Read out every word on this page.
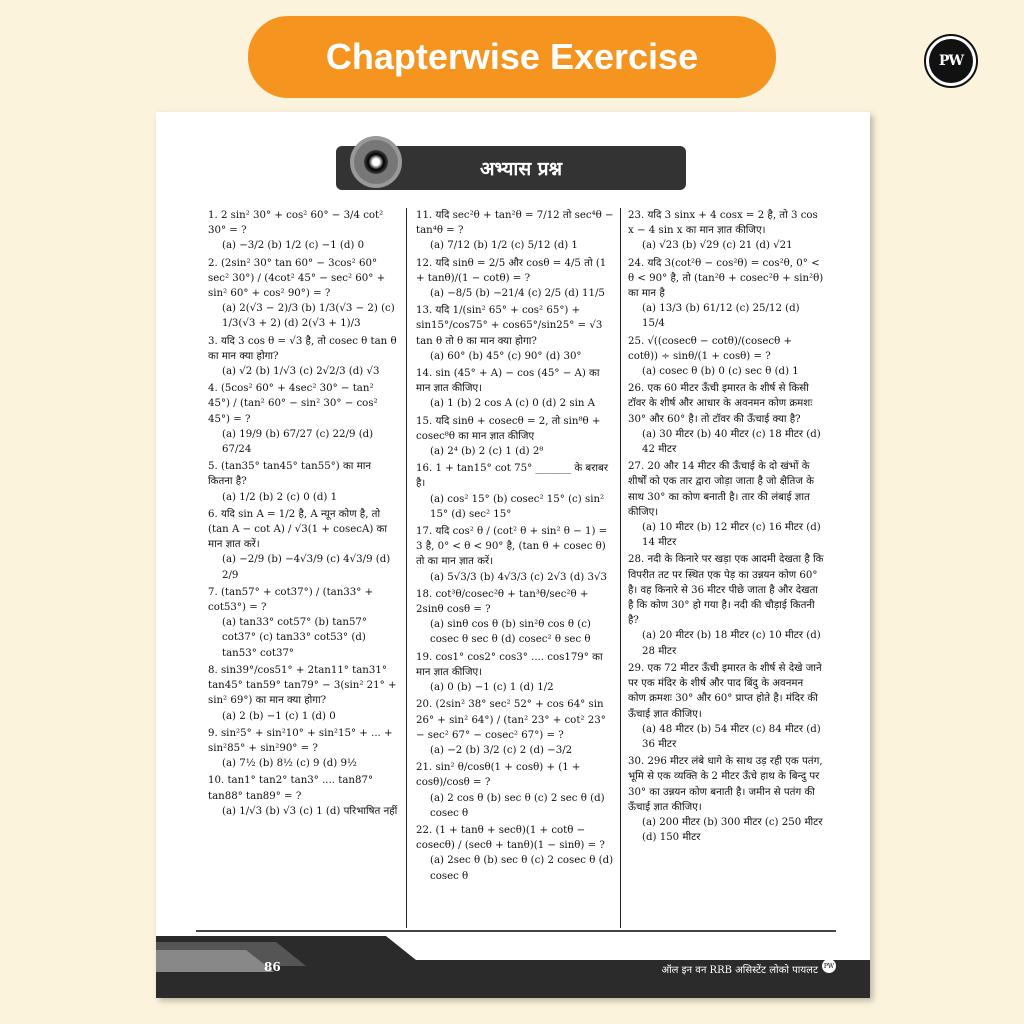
Chapterwise Exercise	PW
अभ्यास प्रश्न
1. 2 sin² 30° + cos² 60° − 3/4 cot² 30° = ?
(a) −3/2 (b) 1/2 (c) −1 (d) 0
2. (2sin² 30° tan 60° − 3cos² 60° sec² 30°) / (4cot² 45° − sec² 60° + sin² 60° + cos² 90°) = ?
(a) 2(√3 − 2)/3 (b) 1/3(√3 − 2) (c) 1/3(√3 + 2) (d) 2(√3 + 1)/3
3. यदि 3 cos θ = √3 है, तो cosec θ tan θ का मान क्या होगा?
(a) √2 (b) 1/√3 (c) 2√2/3 (d) √3
4. (5cos² 60° + 4sec² 30° − tan² 45°) / (tan² 60° − sin² 30° − cos² 45°) = ?
(a) 19/9 (b) 67/27 (c) 22/9 (d) 67/24
5. (tan35° tan45° tan55°) का मान कितना है?
(a) 1/2 (b) 2 (c) 0 (d) 1
6. यदि sin A = 1/2 है, A न्यून कोण है, तो (tan A − cot A) / √3(1 + cosecA) का मान ज्ञात करें।
(a) −2/9 (b) −4√3/9 (c) 4√3/9 (d) 2/9
7. (tan57° + cot37°) / (tan33° + cot53°) = ?
(a) tan33° cot57° (b) tan57° cot37° (c) tan33° cot53° (d) tan53° cot37°
8. sin39°/cos51° + 2tan11° tan31° tan45° tan59° tan79° − 3(sin² 21° + sin² 69°) का मान क्या होगा?
(a) 2 (b) −1 (c) 1 (d) 0
9. sin²5° + sin²10° + sin²15° + ... + sin²85° + sin²90° = ?
(a) 7½ (b) 8½ (c) 9 (d) 9½
10. tan1° tan2° tan3° .... tan87° tan88° tan89° = ?
(a) 1/√3 (b) √3 (c) 1 (d) परिभाषित नहीं
11. यदि sec²θ + tan²θ = 7/12 तो sec⁴θ − tan⁴θ = ?
(a) 7/12 (b) 1/2 (c) 5/12 (d) 1
12. यदि sinθ = 2/5 और cosθ = 4/5 तो (1 + tanθ)/(1 − cotθ) = ?
(a) −8/5 (b) −21/4 (c) 2/5 (d) 11/5
13. यदि 1/(sin² 65° + cos² 65°) + sin15°/cos75° + cos65°/sin25° = √3 tan θ तो θ का मान क्या होगा?
(a) 60° (b) 45° (c) 90° (d) 30°
14. sin (45° + A) − cos (45° − A) का मान ज्ञात कीजिए।
(a) 1 (b) 2 cos A (c) 0 (d) 2 sin A
15. यदि sinθ + cosecθ = 2, तो sin⁸θ + cosec⁸θ का मान ज्ञात कीजिए
(a) 2⁴ (b) 2 (c) 1 (d) 2⁸
16. 1 + tan15° cot 75° _______ के बराबर है।
(a) cos² 15° (b) cosec² 15° (c) sin² 15° (d) sec² 15°
17. यदि cos² θ / (cot² θ + sin² θ − 1) = 3 है, 0° < θ < 90° है, (tan θ + cosec θ) तो का मान ज्ञात करें।
(a) 5√3/3 (b) 4√3/3 (c) 2√3 (d) 3√3
18. cot³θ/cosec²θ + tan³θ/sec²θ + 2sinθ cosθ = ?
(a) sinθ cos θ (b) sin²θ cos θ (c) cosec θ sec θ (d) cosec² θ sec θ
19. cos1° cos2° cos3° .... cos179° का मान ज्ञात कीजिए।
(a) 0 (b) −1 (c) 1 (d) 1/2
20. (2sin² 38° sec² 52° + cos 64° sin 26° + sin² 64°) / (tan² 23° + cot² 23° − sec² 67° − cosec² 67°) = ?
(a) −2 (b) 3/2 (c) 2 (d) −3/2
21. sin² θ/cosθ(1 + cosθ) + (1 + cosθ)/cosθ = ?
(a) 2 cos θ (b) sec θ (c) 2 sec θ (d) cosec θ
22. (1 + tanθ + secθ)(1 + cotθ − cosecθ) / (secθ + tanθ)(1 − sinθ) = ?
(a) 2sec θ (b) sec θ (c) 2 cosec θ (d) cosec θ
23. यदि 3 sinx + 4 cosx = 2 है, तो 3 cos x − 4 sin x का मान ज्ञात कीजिए।
(a) √23 (b) √29 (c) 21 (d) √21
24. यदि 3(cot²θ − cos²θ) = cos²θ, 0° < θ < 90° है, तो (tan²θ + cosec²θ + sin²θ) का मान है
(a) 13/3 (b) 61/12 (c) 25/12 (d) 15/4
25. √((cosecθ − cotθ)/(cosecθ + cotθ)) ÷ sinθ/(1 + cosθ) = ?
(a) cosec θ (b) 0 (c) sec θ (d) 1
26. एक 60 मीटर ऊँची इमारत के शीर्ष से किसी टॉवर के शीर्ष और आधार के अवनमन कोण क्रमशः 30° और 60° है। तो टॉवर की ऊँचाई क्या है?
(a) 30 मीटर (b) 40 मीटर (c) 18 मीटर (d) 42 मीटर
27. 20 और 14 मीटर की ऊँचाई के दो खंभों के शीर्षों को एक तार द्वारा जोड़ा जाता है जो क्षैतिज के साथ 30° का कोण बनाती है। तार की लंबाई ज्ञात कीजिए।
(a) 10 मीटर (b) 12 मीटर (c) 16 मीटर (d) 14 मीटर
28. नदी के किनारे पर खड़ा एक आदमी देखता है कि विपरीत तट पर स्थित एक पेड़ का उन्नयन कोण 60° है। वह किनारे से 36 मीटर पीछे जाता है और देखता है कि कोण 30° हो गया है। नदी की चौड़ाई कितनी है?
(a) 20 मीटर (b) 18 मीटर (c) 10 मीटर (d) 28 मीटर
29. एक 72 मीटर ऊँची इमारत के शीर्ष से देखे जाने पर एक मंदिर के शीर्ष और पाद बिंदु के अवनमन कोण क्रमशः 30° और 60° प्राप्त होते है। मंदिर की ऊँचाई ज्ञात कीजिए।
(a) 48 मीटर (b) 54 मीटर (c) 84 मीटर (d) 36 मीटर
30. 296 मीटर लंबे धागे के साथ उड़ रही एक पतंग, भूमि से एक व्यक्ति के 2 मीटर ऊँचे हाथ के बिन्दु पर 30° का उन्नयन कोण बनाती है। जमीन से पतंग की ऊँचाई ज्ञात कीजिए।
(a) 200 मीटर (b) 300 मीटर (c) 250 मीटर (d) 150 मीटर
86	ऑल इन वन RRB असिस्टेंट लोको पायलट PW
